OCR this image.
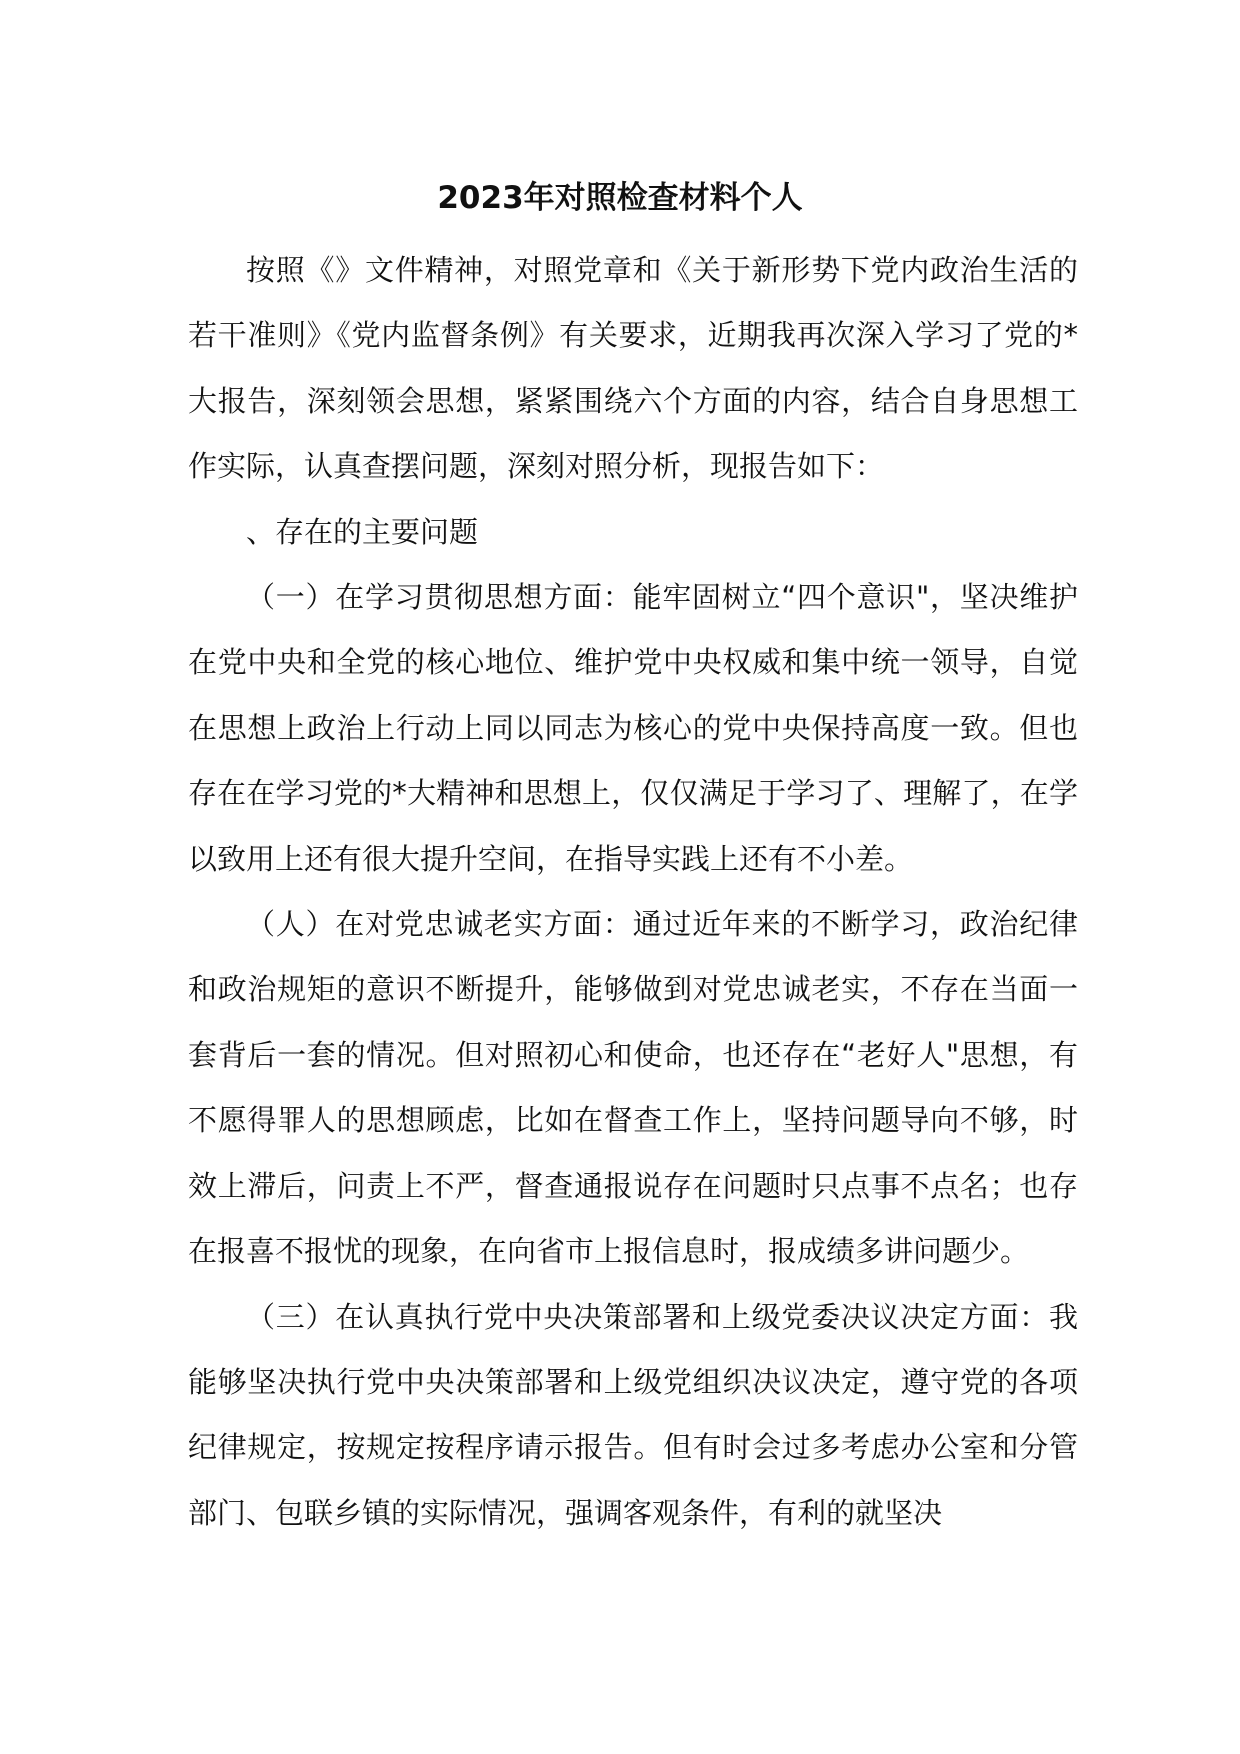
2023年对照检查材料个人

按照《》文件精神，对照党章和《关于新形势下党内政治生活的若干准则》《党内监督条例》有关要求，近期我再次深入学习了党的*大报告，深刻领会思想，紧紧围绕六个方面的内容，结合自身思想工作实际，认真查摆问题，深刻对照分析，现报告如下：

、存在的主要问题

（一）在学习贯彻思想方面：能牢固树立“四个意识"，坚决维护在党中央和全党的核心地位、维护党中央权威和集中统一领导，自觉在思想上政治上行动上同以同志为核心的党中央保持高度一致。但也存在在学习党的*大精神和思想上，仅仅满足于学习了、理解了，在学以致用上还有很大提升空间，在指导实践上还有不小差。

（人）在对党忠诚老实方面：通过近年来的不断学习，政治纪律和政治规矩的意识不断提升，能够做到对党忠诚老实，不存在当面一套背后一套的情况。但对照初心和使命，也还存在“老好人"思想，有不愿得罪人的思想顾虑，比如在督查工作上，坚持问题导向不够，时效上滞后，问责上不严，督查通报说存在问题时只点事不点名；也存在报喜不报忧的现象，在向省市上报信息时，报成绩多讲问题少。

（三）在认真执行党中央决策部署和上级党委决议决定方面：我能够坚决执行党中央决策部署和上级党组织决议决定，遵守党的各项纪律规定，按规定按程序请示报告。但有时会过多考虑办公室和分管部门、包联乡镇的实际情况，强调客观条件，有利的就坚决
